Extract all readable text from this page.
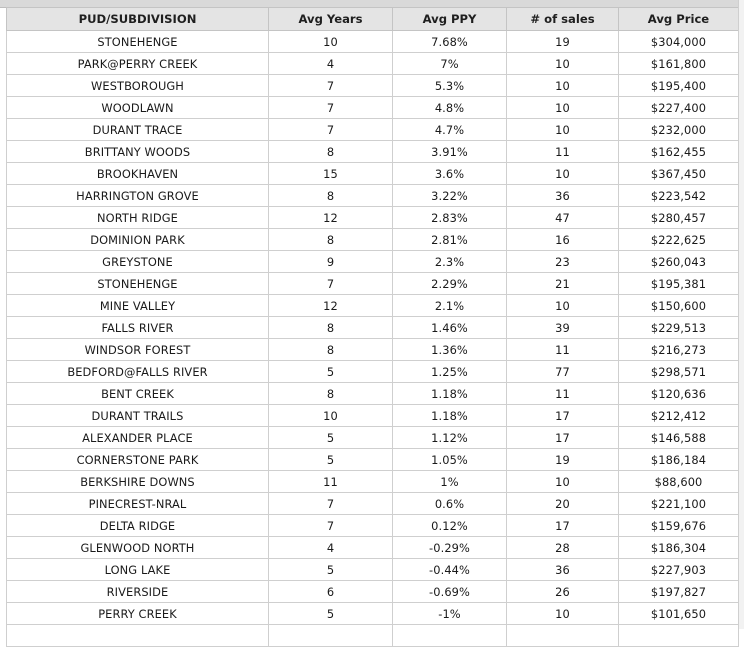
PUD/SUBDIVISION	Avg Years	Avg PPY	# of sales	Avg Price
STONEHENGE	10	7.68%	19	$304,000
PARK@PERRY CREEK	4	7%	10	$161,800
WESTBOROUGH	7	5.3%	10	$195,400
WOODLAWN	7	4.8%	10	$227,400
DURANT TRACE	7	4.7%	10	$232,000
BRITTANY WOODS	8	3.91%	11	$162,455
BROOKHAVEN	15	3.6%	10	$367,450
HARRINGTON GROVE	8	3.22%	36	$223,542
NORTH RIDGE	12	2.83%	47	$280,457
DOMINION PARK	8	2.81%	16	$222,625
GREYSTONE	9	2.3%	23	$260,043
STONEHENGE	7	2.29%	21	$195,381
MINE VALLEY	12	2.1%	10	$150,600
FALLS RIVER	8	1.46%	39	$229,513
WINDSOR FOREST	8	1.36%	11	$216,273
BEDFORD@FALLS RIVER	5	1.25%	77	$298,571
BENT CREEK	8	1.18%	11	$120,636
DURANT TRAILS	10	1.18%	17	$212,412
ALEXANDER PLACE	5	1.12%	17	$146,588
CORNERSTONE PARK	5	1.05%	19	$186,184
BERKSHIRE DOWNS	11	1%	10	$88,600
PINECREST-NRAL	7	0.6%	20	$221,100
DELTA RIDGE	7	0.12%	17	$159,676
GLENWOOD NORTH	4	-0.29%	28	$186,304
LONG LAKE	5	-0.44%	36	$227,903
RIVERSIDE	6	-0.69%	26	$197,827
PERRY CREEK	5	-1%	10	$101,650
